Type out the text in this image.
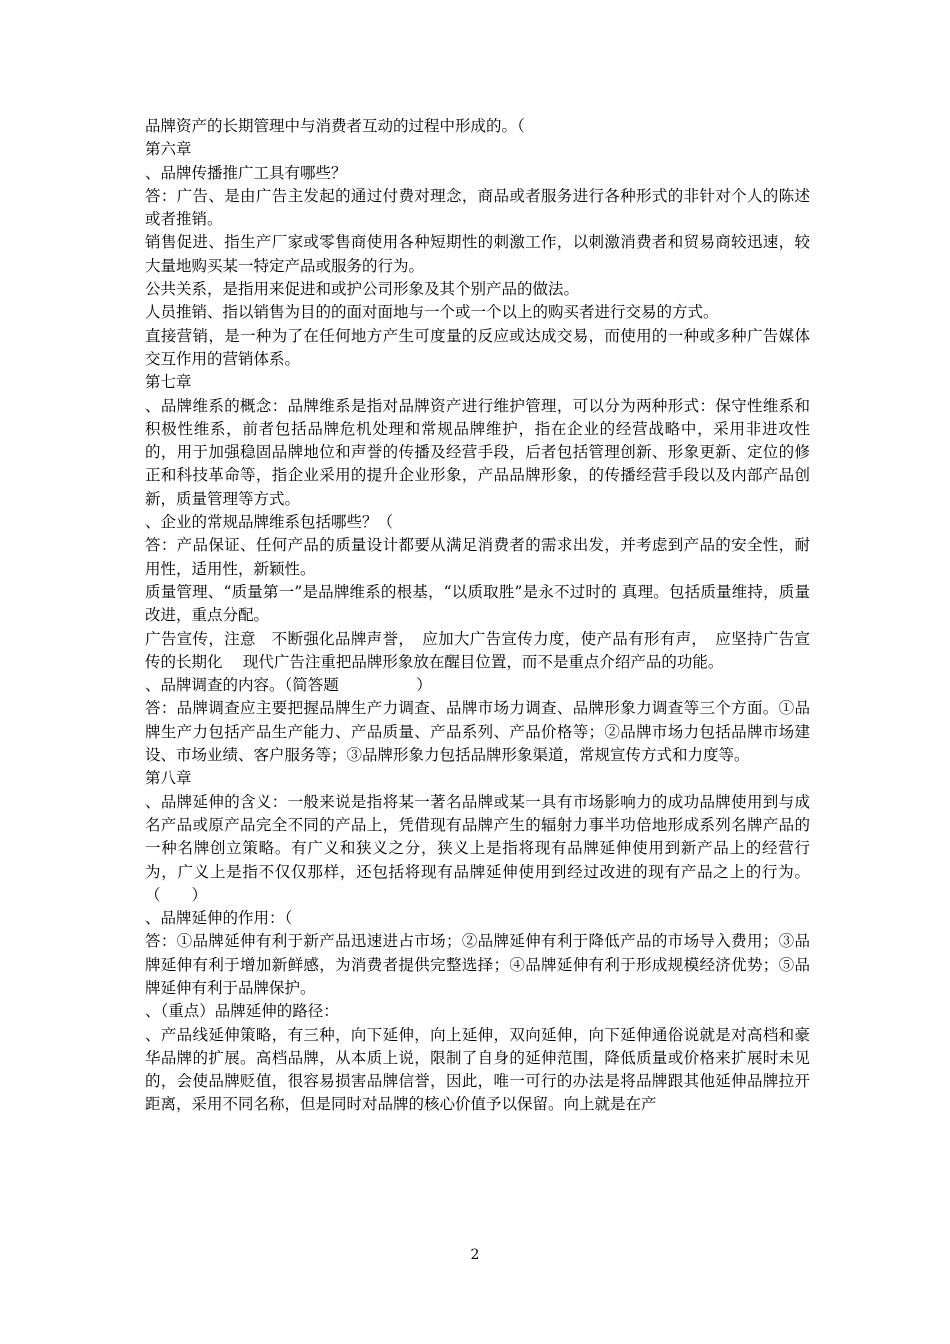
品牌资产的长期管理中与消费者互动的过程中形成的。（

第六章

、品牌传播推广工具有哪些？

答：广告、是由广告主发起的通过付费对理念，商品或者服务进行各种形式的非针对个人的陈述或者推销。

销售促进、指生产厂家或零售商使用各种短期性的刺激工作，以刺激消费者和贸易商较迅速，较大量地购买某一特定产品或服务的行为。

公共关系，是指用来促进和或护公司形象及其个别产品的做法。

人员推销、指以销售为目的的面对面地与一个或一个以上的购买者进行交易的方式。

直接营销，是一种为了在任何地方产生可度量的反应或达成交易，而使用的一种或多种广告媒体交互作用的营销体系。

第七章

、品牌维系的概念：品牌维系是指对品牌资产进行维护管理，可以分为两种形式：保守性维系和积极性维系，前者包括品牌危机处理和常规品牌维护，指在企业的经营战略中，采用非进攻性的，用于加强稳固品牌地位和声誉的传播及经营手段，后者包括管理创新、形象更新、定位的修正和科技革命等，指企业采用的提升企业形象，产品品牌形象，的传播经营手段以及内部产品创新，质量管理等方式。

、企业的常规品牌维系包括哪些？（

答：产品保证、任何产品的质量设计都要从满足消费者的需求出发，并考虑到产品的安全性，耐用性，适用性，新颖性。

质量管理、“质量第一”是品牌维系的根基，“以质取胜”是永不过时的 真理。包括质量维持，质量改进，重点分配。

广告宣传，注意　不断强化品牌声誉，　应加大广告宣传力度，使产品有形有声，　应坚持广告宣传的长期化　 现代广告注重把品牌形象放在醒目位置，而不是重点介绍产品的功能。

、品牌调查的内容。（简答题　　　　　）

答：品牌调查应主要把握品牌生产力调查、品牌市场力调查、品牌形象力调查等三个方面。①品牌生产力包括产品生产能力、产品质量、产品系列、产品价格等；②品牌市场力包括品牌市场建设、市场业绩、客户服务等；③品牌形象力包括品牌形象渠道，常规宣传方式和力度等。

第八章

、品牌延伸的含义：一般来说是指将某一著名品牌或某一具有市场影响力的成功品牌使用到与成名产品或原产品完全不同的产品上，凭借现有品牌产生的辐射力事半功倍地形成系列名牌产品的一种名牌创立策略。有广义和狭义之分，狭义上是指将现有品牌延伸使用到新产品上的经营行为，广义上是指不仅仅那样，还包括将现有品牌延伸使用到经过改进的现有产品之上的行为。（　　）

、品牌延伸的作用：（

答：①品牌延伸有利于新产品迅速进占市场；②品牌延伸有利于降低产品的市场导入费用；③品牌延伸有利于增加新鲜感，为消费者提供完整选择；④品牌延伸有利于形成规模经济优势；⑤品牌延伸有利于品牌保护。

、（重点）品牌延伸的路径：

、产品线延伸策略，有三种，向下延伸，向上延伸，双向延伸，向下延伸通俗说就是对高档和豪华品牌的扩展。高档品牌，从本质上说，限制了自身的延伸范围，降低质量或价格来扩展时未见的，会使品牌贬值，很容易损害品牌信誉，因此，唯一可行的办法是将品牌跟其他延伸品牌拉开距离，采用不同名称，但是同时对品牌的核心价值予以保留。向上就是在产

2
